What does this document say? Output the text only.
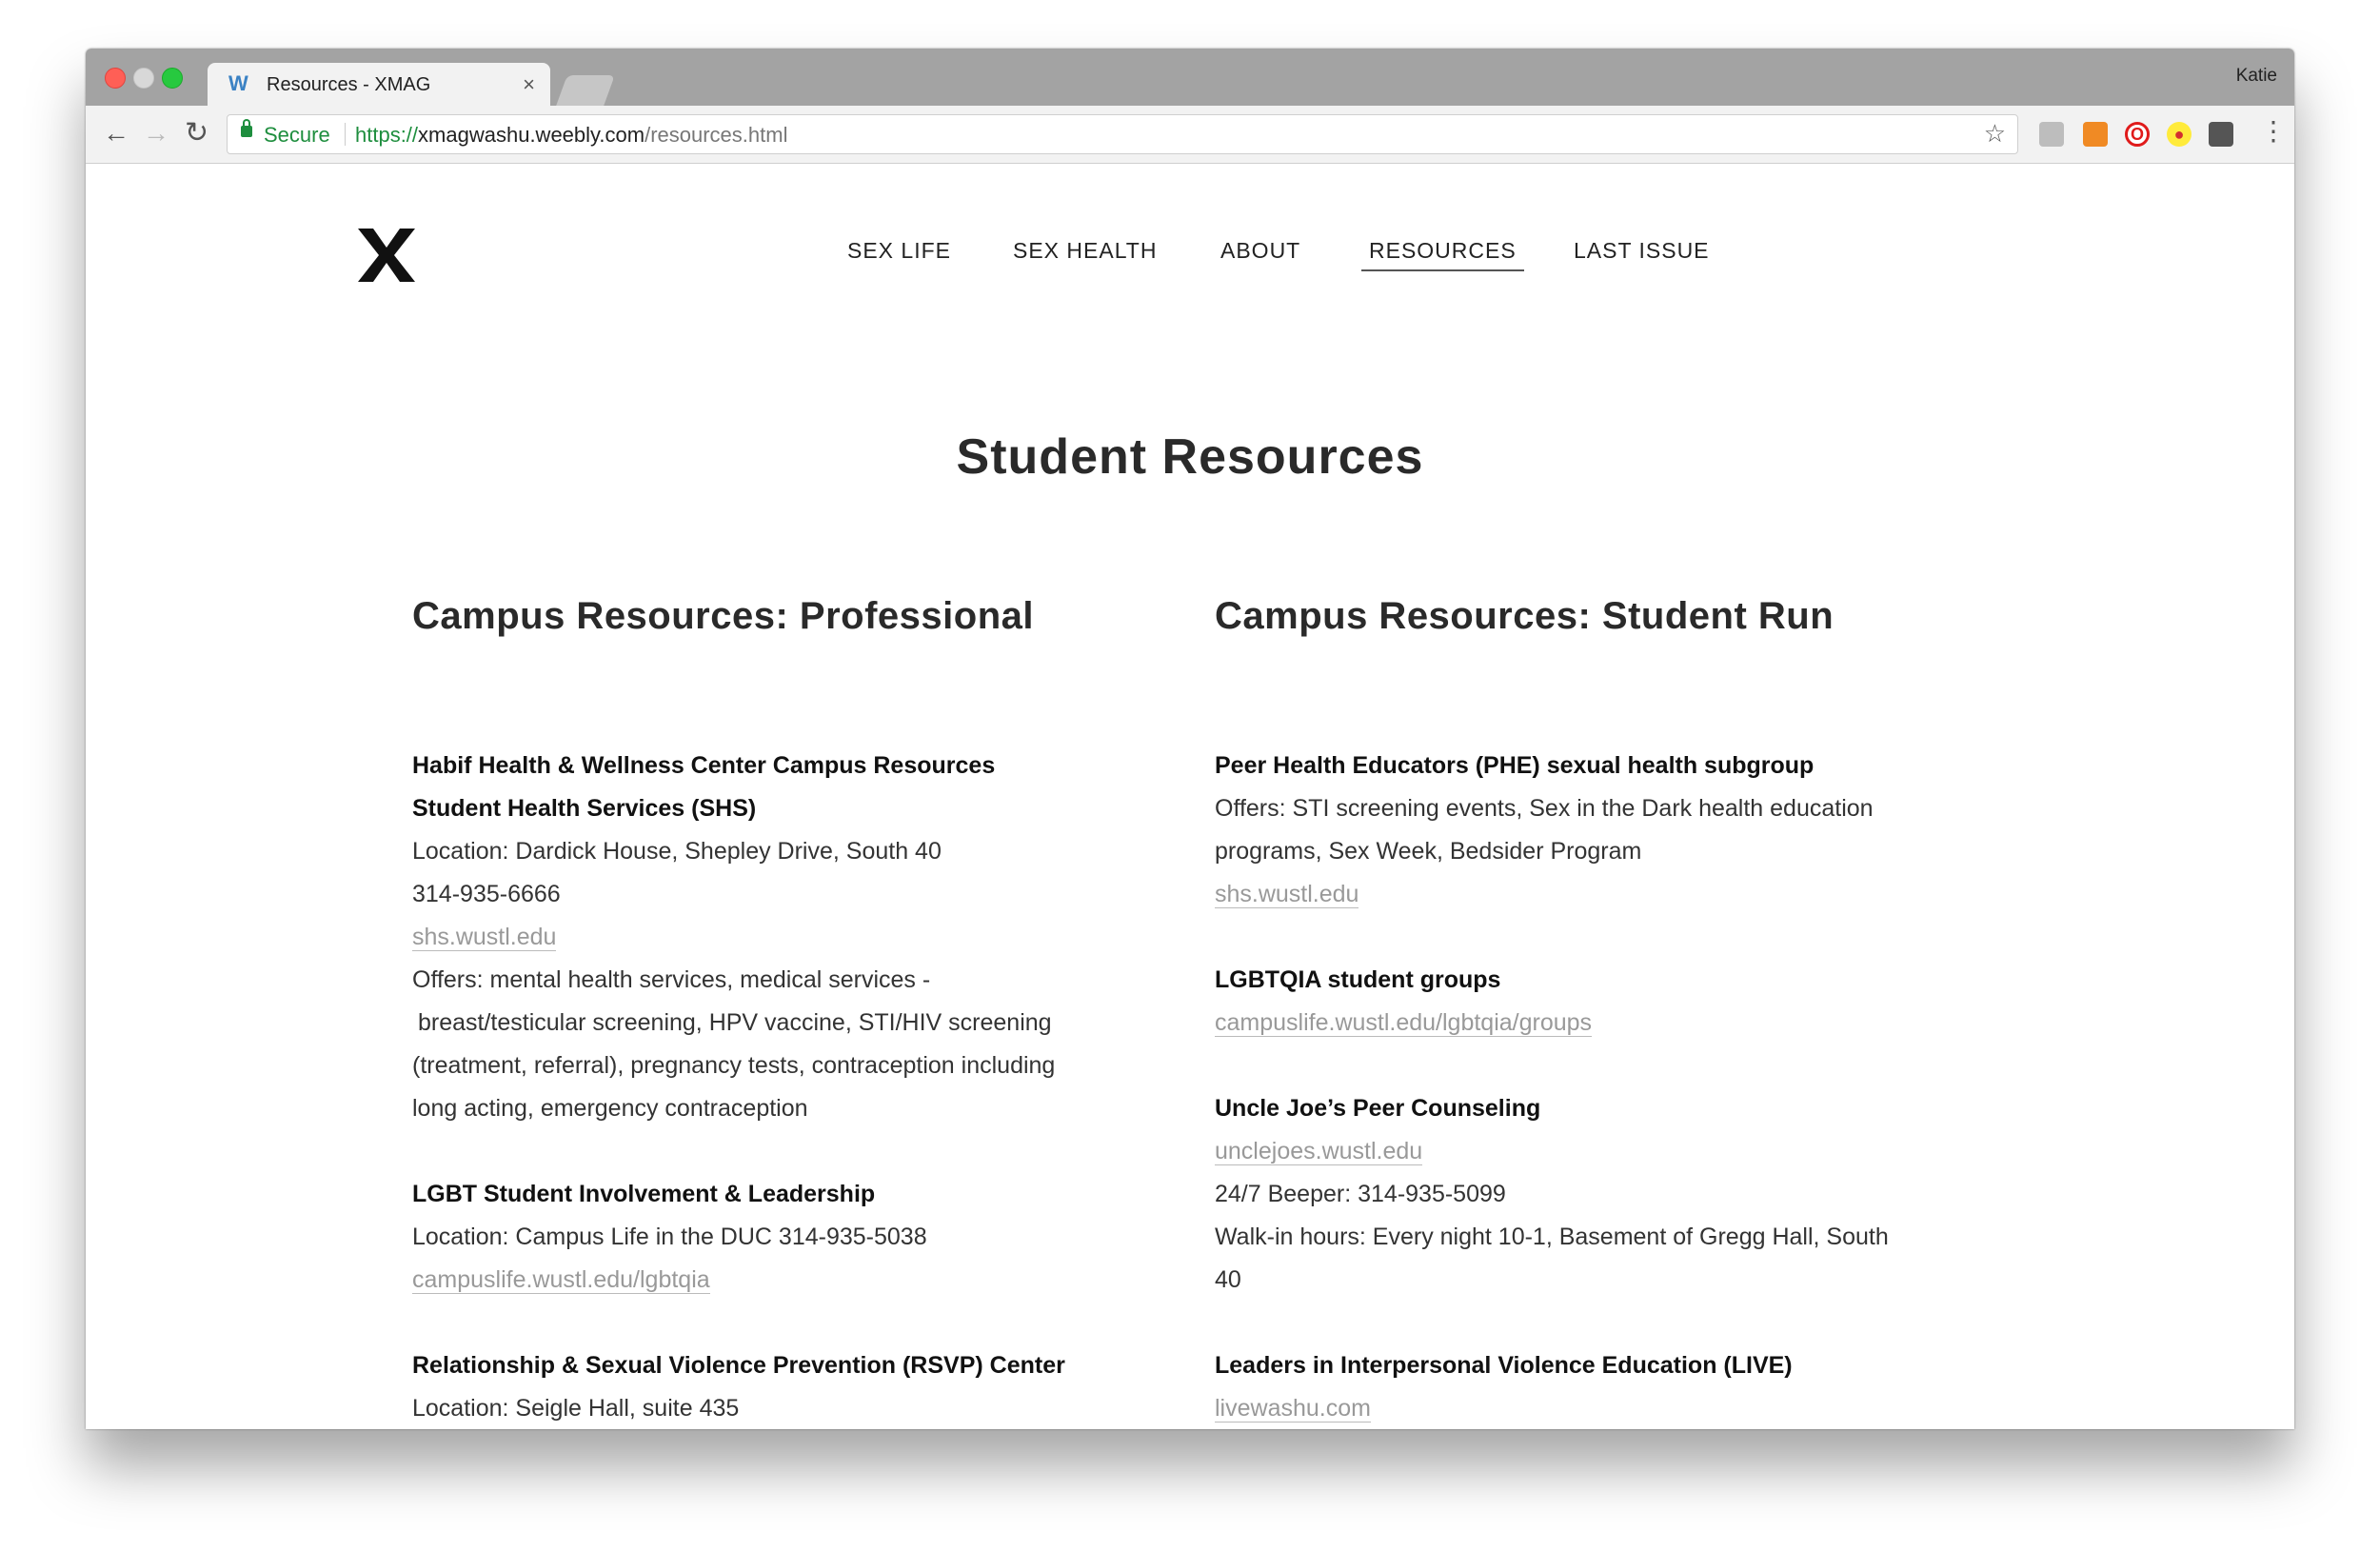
W Resources - XMAG	×	Katie
← → ↻	Secure https://xmagwashu.weebly.com/resources.html	☆	O	●	⋮
SEX LIFE	SEX HEALTH	ABOUT	RESOURCES	LAST ISSUE
Student Resources
Campus Resources: Professional
Habif Health & Wellness Center Campus Resources
Student Health Services (SHS)
Location: Dardick House, Shepley Drive, South 40
314-935-6666
shs.wustl.edu
Offers: mental health services, medical services -
breast/testicular screening, HPV vaccine, STI/HIV screening
(treatment, referral), pregnancy tests, contraception including
long acting, emergency contraception
LGBT Student Involvement & Leadership
Location: Campus Life in the DUC 314-935-5038
campuslife.wustl.edu/lgbtqia
Relationship & Sexual Violence Prevention (RSVP) Center
Location: Seigle Hall, suite 435
Campus Resources: Student Run
Peer Health Educators (PHE) sexual health subgroup
Offers: STI screening events, Sex in the Dark health education
programs, Sex Week, Bedsider Program
shs.wustl.edu
LGBTQIA student groups
campuslife.wustl.edu/lgbtqia/groups
Uncle Joe’s Peer Counseling
unclejoes.wustl.edu
24/7 Beeper: 314-935-5099
Walk-in hours: Every night 10-1, Basement of Gregg Hall, South
40
Leaders in Interpersonal Violence Education (LIVE)
livewashu.com
